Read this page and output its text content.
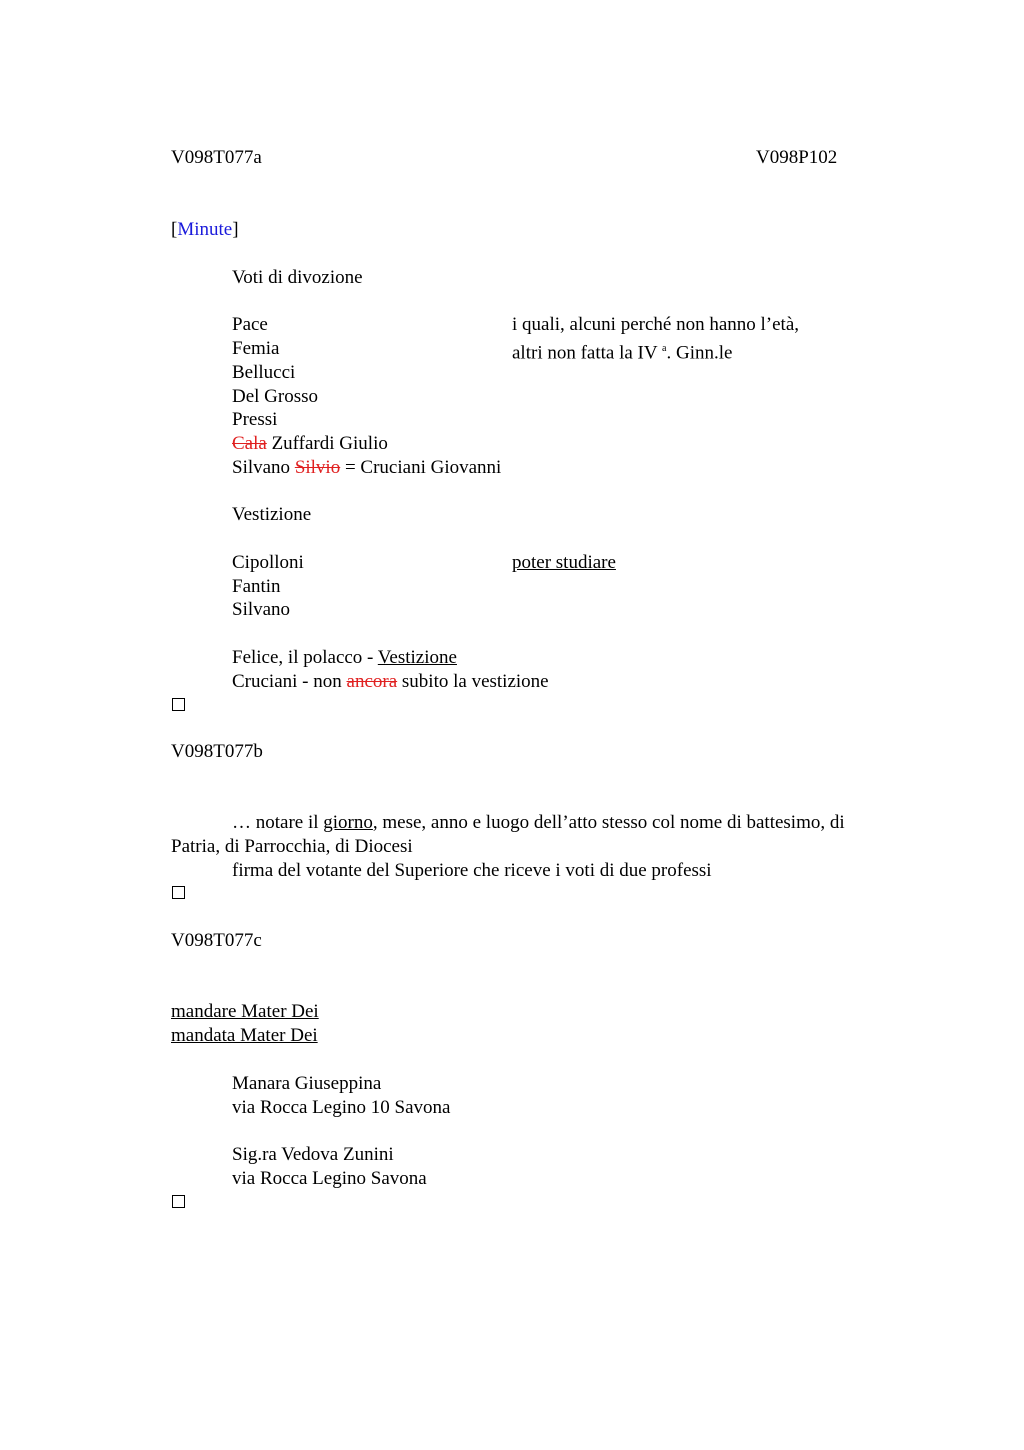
V098T077a	V098P102
[Minute]
Voti di divozione
Pace
Femia
Bellucci
Del Grosso
Pressi
i quali, alcuni perché non hanno l’età,
altri non fatta la IV $^a$. Ginn.le
Cala Zuffardi Giulio
Silvano Silvio = Cruciani Giovanni
Vestizione
Cipolloni
Fantin
Silvano
poter studiare
Felice, il polacco - Vestizione
Cruciani - non ancora subito la vestizione
V098T077b
… notare il giorno, mese, anno e luogo dell’atto stesso col nome di battesimo, di
Patria, di Parrocchia, di Diocesi
firma del votante del Superiore che riceve i voti di due professi
V098T077c
mandare Mater Dei
mandata Mater Dei
Manara Giuseppina
via Rocca Legino 10 Savona
Sig.ra Vedova Zunini
via Rocca Legino Savona
